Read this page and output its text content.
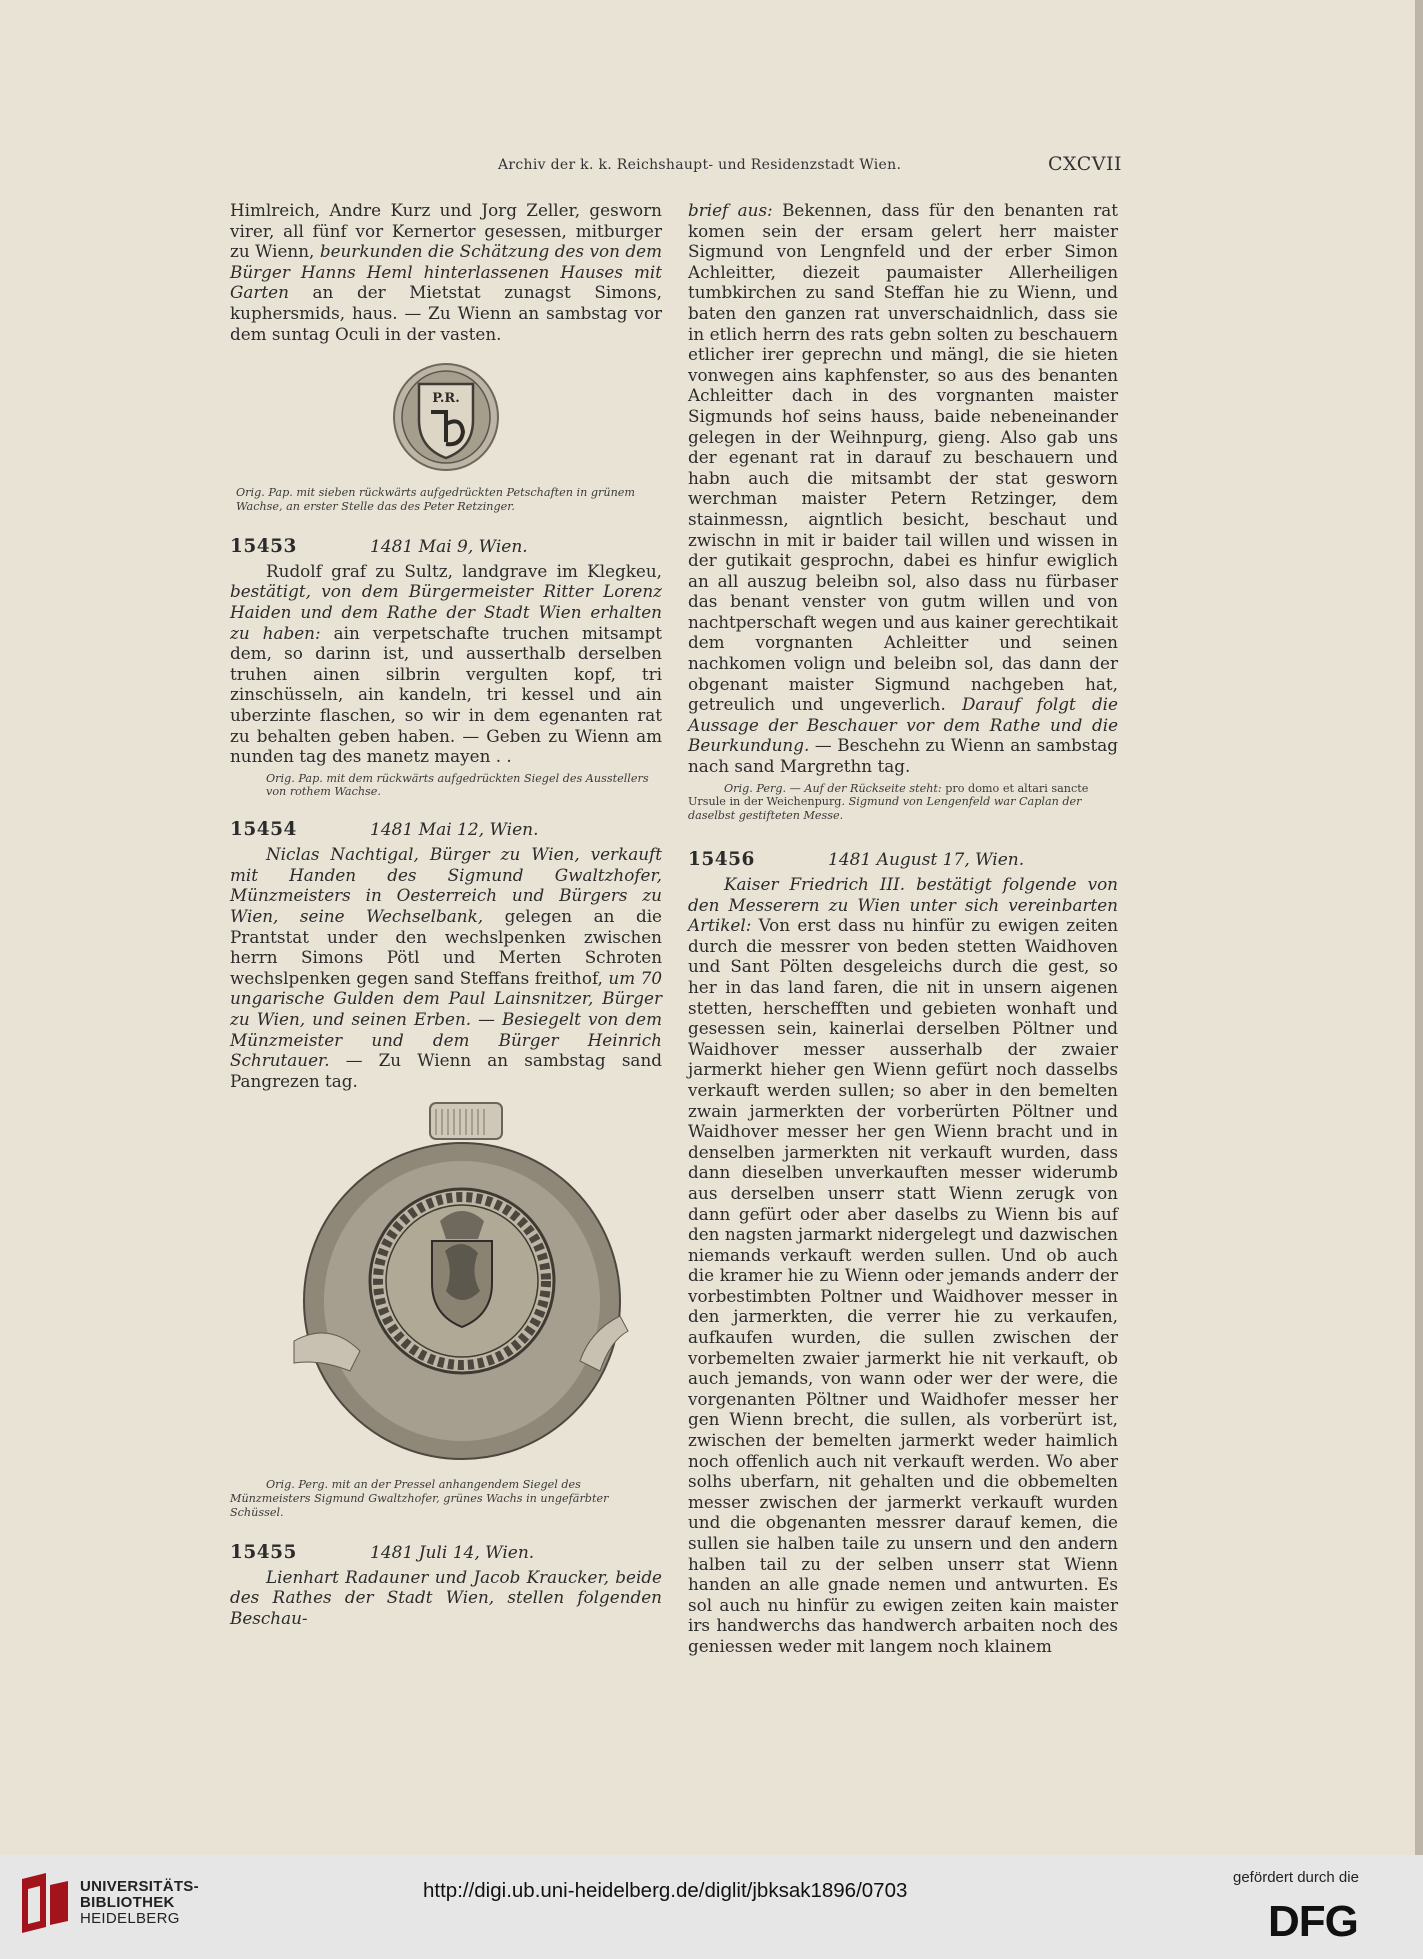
Archiv der k. k. Reichshaupt- und Residenzstadt Wien.	CXCVII

Himlreich, Andre Kurz und Jorg Zeller, gesworn virer, all fünf vor Kernertor gesessen, mitburger zu Wienn, beurkunden die Schätzung des von dem Bürger Hanns Heml hinterlassenen Hauses mit Garten an der Mietstat zunagst Simons, kuphersmids, haus. — Zu Wienn an sambstag vor dem suntag Oculi in der vasten.

P.R.

Orig. Pap. mit sieben rückwärts aufgedrückten Petschaften in grünem Wachse, an erster Stelle das des Peter Retzinger.

15453	1481 Mai 9, Wien.

Rudolf graf zu Sultz, landgrave im Klegkeu, bestätigt, von dem Bürgermeister Ritter Lorenz Haiden und dem Rathe der Stadt Wien erhalten zu haben: ain verpetschafte truchen mitsampt dem, so darinn ist, und ausserthalb derselben truhen ainen silbrin vergulten kopf, tri zinschüsseln, ain kandeln, tri kessel und ain uberzinte flaschen, so wir in dem egenanten rat zu behalten geben haben. — Geben zu Wienn am nunden tag des manetz mayen . .

Orig. Pap. mit dem rückwärts aufgedrückten Siegel des Ausstellers von rothem Wachse.

15454	1481 Mai 12, Wien.

Niclas Nachtigal, Bürger zu Wien, verkauft mit Handen des Sigmund Gwaltzhofer, Münzmeisters in Oesterreich und Bürgers zu Wien, seine Wechselbank, gelegen an die Prantstat under den wechslpenken zwischen herrn Simons Pötl und Merten Schroten wechslpenken gegen sand Steffans freithof, um 70 ungarische Gulden dem Paul Lainsnitzer, Bürger zu Wien, und seinen Erben. — Besiegelt von dem Münzmeister und dem Bürger Heinrich Schrutauer. — Zu Wienn an sambstag sand Pangrezen tag.

Orig. Perg. mit an der Pressel anhangendem Siegel des Münzmeisters Sigmund Gwaltzhofer, grünes Wachs in ungefärbter Schüssel.

15455	1481 Juli 14, Wien.

Lienhart Radauner und Jacob Kraucker, beide des Rathes der Stadt Wien, stellen folgenden Beschau-

brief aus: Bekennen, dass für den benanten rat komen sein der ersam gelert herr maister Sigmund von Lengnfeld und der erber Simon Achleitter, diezeit paumaister Allerheiligen tumbkirchen zu sand Steffan hie zu Wienn, und baten den ganzen rat unverschaidnlich, dass sie in etlich herrn des rats gebn solten zu beschauern etlicher irer geprechn und mängl, die sie hieten vonwegen ains kaphfenster, so aus des benanten Achleitter dach in des vorgnanten maister Sigmunds hof seins hauss, baide nebeneinander gelegen in der Weihnpurg, gieng. Also gab uns der egenant rat in darauf zu beschauern und habn auch die mitsambt der stat gesworn werchman maister Petern Retzinger, dem stainmessn, aigntlich besicht, beschaut und zwischn in mit ir baider tail willen und wissen in der gutikait gesprochn, dabei es hinfur ewiglich an all auszug beleibn sol, also dass nu fürbaser das benant venster von gutm willen und von nachtperschaft wegen und aus kainer gerechtikait dem vorgnanten Achleitter und seinen nachkomen volign und beleibn sol, das dann der obgenant maister Sigmund nachgeben hat, getreulich und ungeverlich. Darauf folgt die Aussage der Beschauer vor dem Rathe und die Beurkundung. — Beschehn zu Wienn an sambstag nach sand Margrethn tag.

Orig. Perg. — Auf der Rückseite steht: pro domo et altari sancte Ursule in der Weichenpurg. Sigmund von Lengenfeld war Caplan der daselbst gestifteten Messe.

15456	1481 August 17, Wien.

Kaiser Friedrich III. bestätigt folgende von den Messerern zu Wien unter sich vereinbarten Artikel: Von erst dass nu hinfür zu ewigen zeiten durch die messrer von beden stetten Waidhoven und Sant Pölten desgeleichs durch die gest, so her in das land faren, die nit in unsern aigenen stetten, herschefften und gebieten wonhaft und gesessen sein, kainerlai derselben Pöltner und Waidhover messer ausserhalb der zwaier jarmerkt hieher gen Wienn gefürt noch dasselbs verkauft werden sullen; so aber in den bemelten zwain jarmerkten der vorberürten Pöltner und Waidhover messer her gen Wienn bracht und in denselben jarmerkten nit verkauft wurden, dass dann dieselben unverkauften messer widerumb aus derselben unserr statt Wienn zerugk von dann gefürt oder aber daselbs zu Wienn bis auf den nagsten jarmarkt nidergelegt und dazwischen niemands verkauft werden sullen. Und ob auch die kramer hie zu Wienn oder jemands anderr der vorbestimbten Poltner und Waidhover messer in den jarmerkten, die verrer hie zu verkaufen, aufkaufen wurden, die sullen zwischen der vorbemelten zwaier jarmerkt hie nit verkauft, ob auch jemands, von wann oder wer der were, die vorgenanten Pöltner und Waidhofer messer her gen Wienn brecht, die sullen, als vorberürt ist, zwischen der bemelten jarmerkt weder haimlich noch offenlich auch nit verkauft werden. Wo aber solhs uberfarn, nit gehalten und die obbemelten messer zwischen der jarmerkt verkauft wurden und die obgenanten messrer darauf kemen, die sullen sie halben taile zu unsern und den andern halben tail zu der selben unserr stat Wienn handen an alle gnade nemen und antwurten. Es sol auch nu hinfür zu ewigen zeiten kain maister irs handwerchs das handwerch arbaiten noch des geniessen weder mit langem noch klainem

UNIVERSITÄTS-
BIBLIOTHEK
HEIDELBERG
http://digi.ub.uni-heidelberg.de/diglit/jbksak1896/0703
gefördert durch die
DFG
